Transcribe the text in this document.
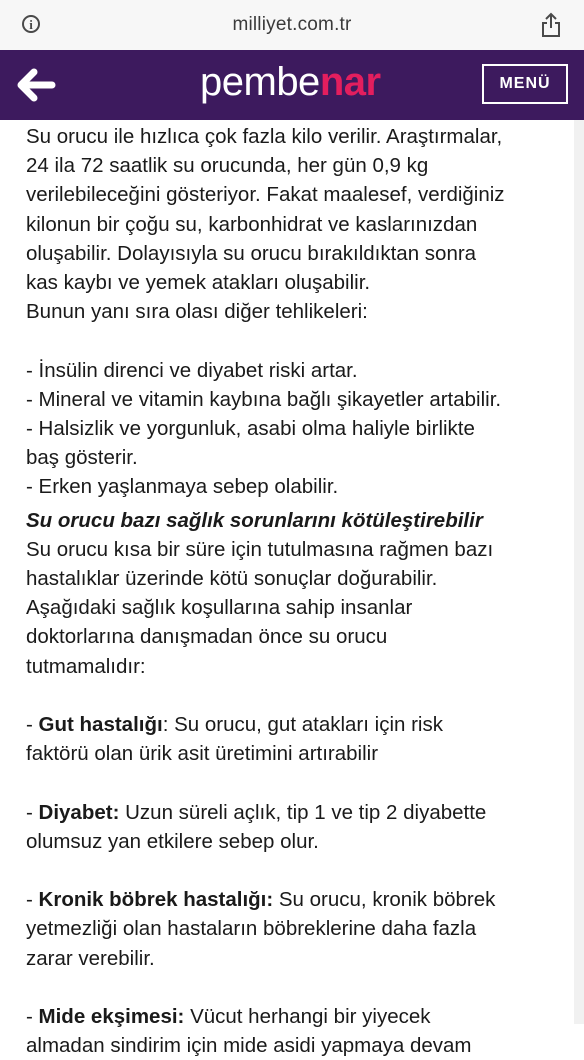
i	milliyet.com.tr
pembenar	MENÜ

Su orucu ile hızlıca çok fazla kilo verilir. Araştırmalar,

24 ila 72 saatlik su orucunda, her gün 0,9 kg

verilebileceğini gösteriyor. Fakat maalesef, verdiğiniz

kilonun bir çoğu su, karbonhidrat ve kaslarınızdan

oluşabilir. Dolayısıyla su orucu bırakıldıktan sonra

kas kaybı ve yemek atakları oluşabilir.

Bunun yanı sıra olası diğer tehlikeleri:

- İnsülin direnci ve diyabet riski artar.

- Mineral ve vitamin kaybına bağlı şikayetler artabilir.

- Halsizlik ve yorgunluk, asabi olma haliyle birlikte

baş gösterir.

- Erken yaşlanmaya sebep olabilir.

Su orucu bazı sağlık sorunlarını kötüleştirebilir

Su orucu kısa bir süre için tutulmasına rağmen bazı

hastalıklar üzerinde kötü sonuçlar doğurabilir.

Aşağıdaki sağlık koşullarına sahip insanlar

doktorlarına danışmadan önce su orucu

tutmamalıdır:

- Gut hastalığı: Su orucu, gut atakları için risk

faktörü olan ürik asit üretimini artırabilir

- Diyabet: Uzun süreli açlık, tip 1 ve tip 2 diyabette

olumsuz yan etkilere sebep olur.

- Kronik böbrek hastalığı: Su orucu, kronik böbrek

yetmezliği olan hastaların böbreklerine daha fazla

zarar verebilir.

- Mide ekşimesi: Vücut herhangi bir yiyecek

almadan sindirim için mide asidi yapmaya devam
